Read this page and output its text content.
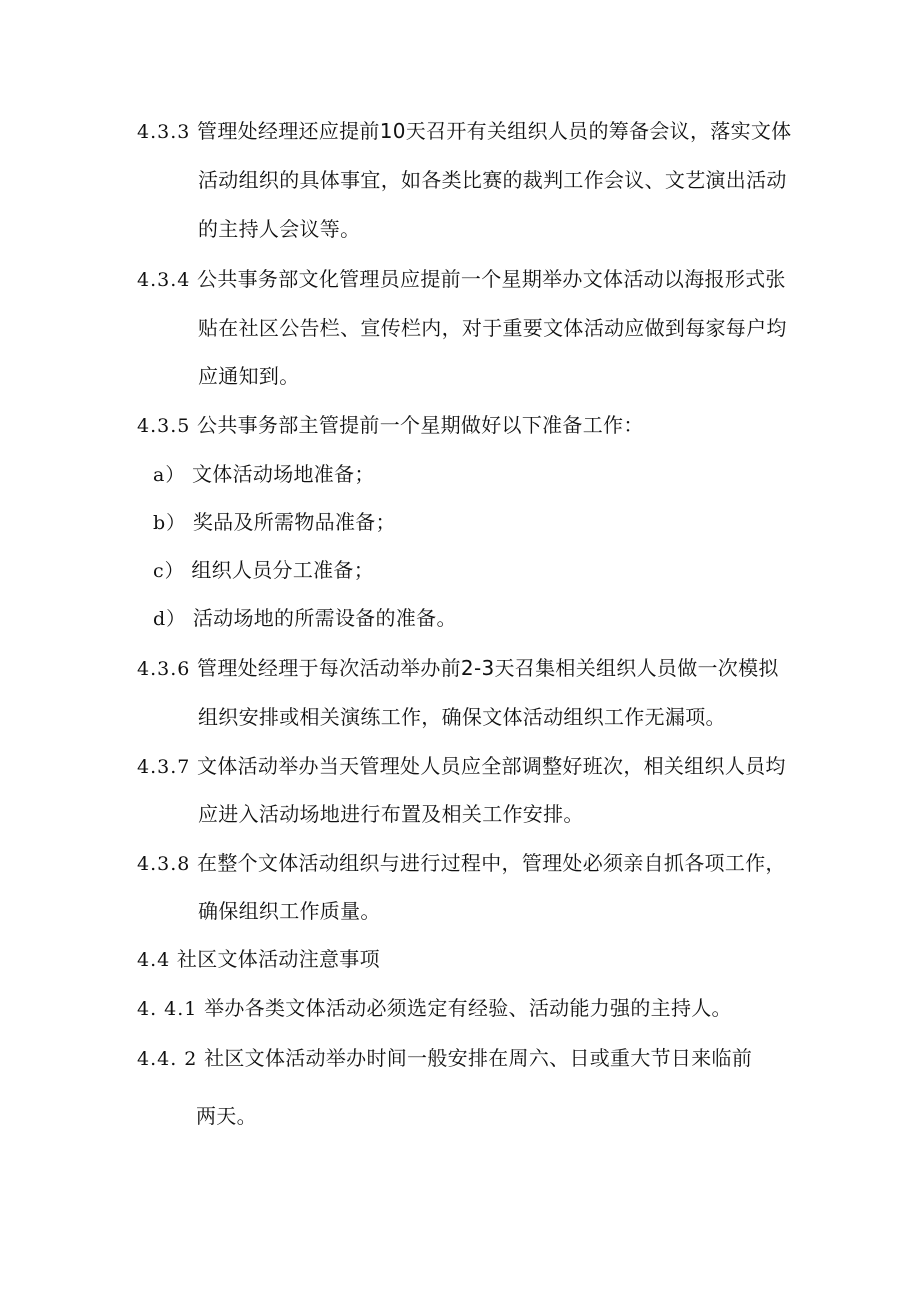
4.3.3 管理处经理还应提前10天召开有关组织人员的筹备会议，落实文体
活动组织的具体事宜，如各类比赛的裁判工作会议、文艺演出活动
的主持人会议等。
4.3.4 公共事务部文化管理员应提前一个星期举办文体活动以海报形式张
贴在社区公告栏、宣传栏内，对于重要文体活动应做到每家每户均
应通知到。
4.3.5 公共事务部主管提前一个星期做好以下准备工作：
a） 文体活动场地准备；
b） 奖品及所需物品准备；
c） 组织人员分工准备；
d） 活动场地的所需设备的准备。
4.3.6 管理处经理于每次活动举办前2-3天召集相关组织人员做一次模拟
组织安排或相关演练工作，确保文体活动组织工作无漏项。
4.3.7 文体活动举办当天管理处人员应全部调整好班次，相关组织人员均
应进入活动场地进行布置及相关工作安排。
4.3.8 在整个文体活动组织与进行过程中，管理处必须亲自抓各项工作，
确保组织工作质量。
4.4 社区文体活动注意事项
4. 4.1 举办各类文体活动必须选定有经验、活动能力强的主持人。
4.4. 2 社区文体活动举办时间一般安排在周六、日或重大节日来临前
两天。
